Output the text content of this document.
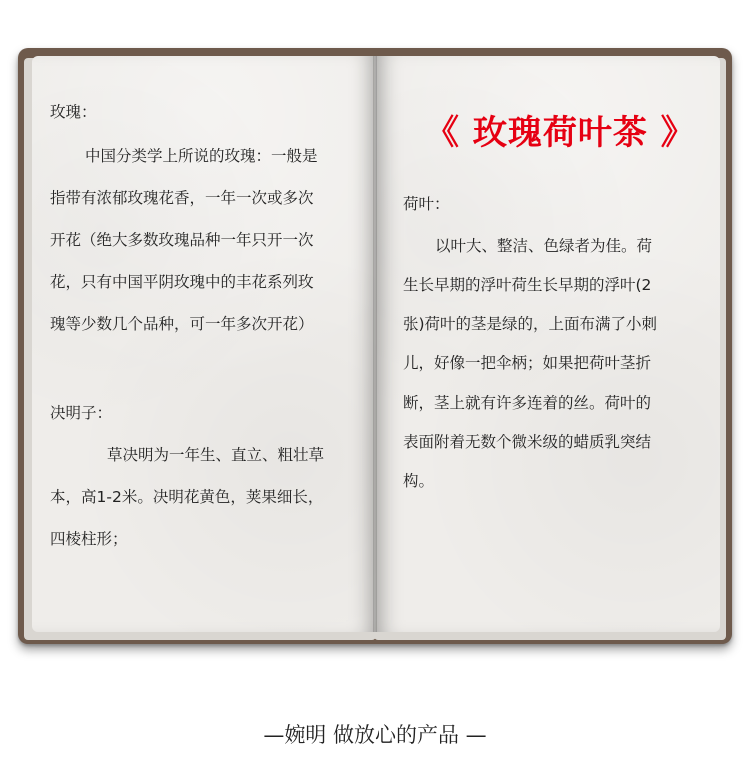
玫瑰：
中国分类学上所说的玫瑰：一般是
指带有浓郁玫瑰花香，一年一次或多次
开花（绝大多数玫瑰品种一年只开一次
花，只有中国平阴玫瑰中的丰花系列玫
瑰等少数几个品种，可一年多次开花）
决明子：
草决明为一年生、直立、粗壮草
本，高1-2米。决明花黄色，荚果细长，
四棱柱形；
《 玫瑰荷叶茶 》
荷叶：
以叶大、整洁、色绿者为佳。荷
生长早期的浮叶荷生长早期的浮叶(2
张)荷叶的茎是绿的，上面布满了小刺
儿，好像一把伞柄；如果把荷叶茎折
断，茎上就有许多连着的丝。荷叶的
表面附着无数个微米级的蜡质乳突结
构。
—婉明 做放心的产品 —
